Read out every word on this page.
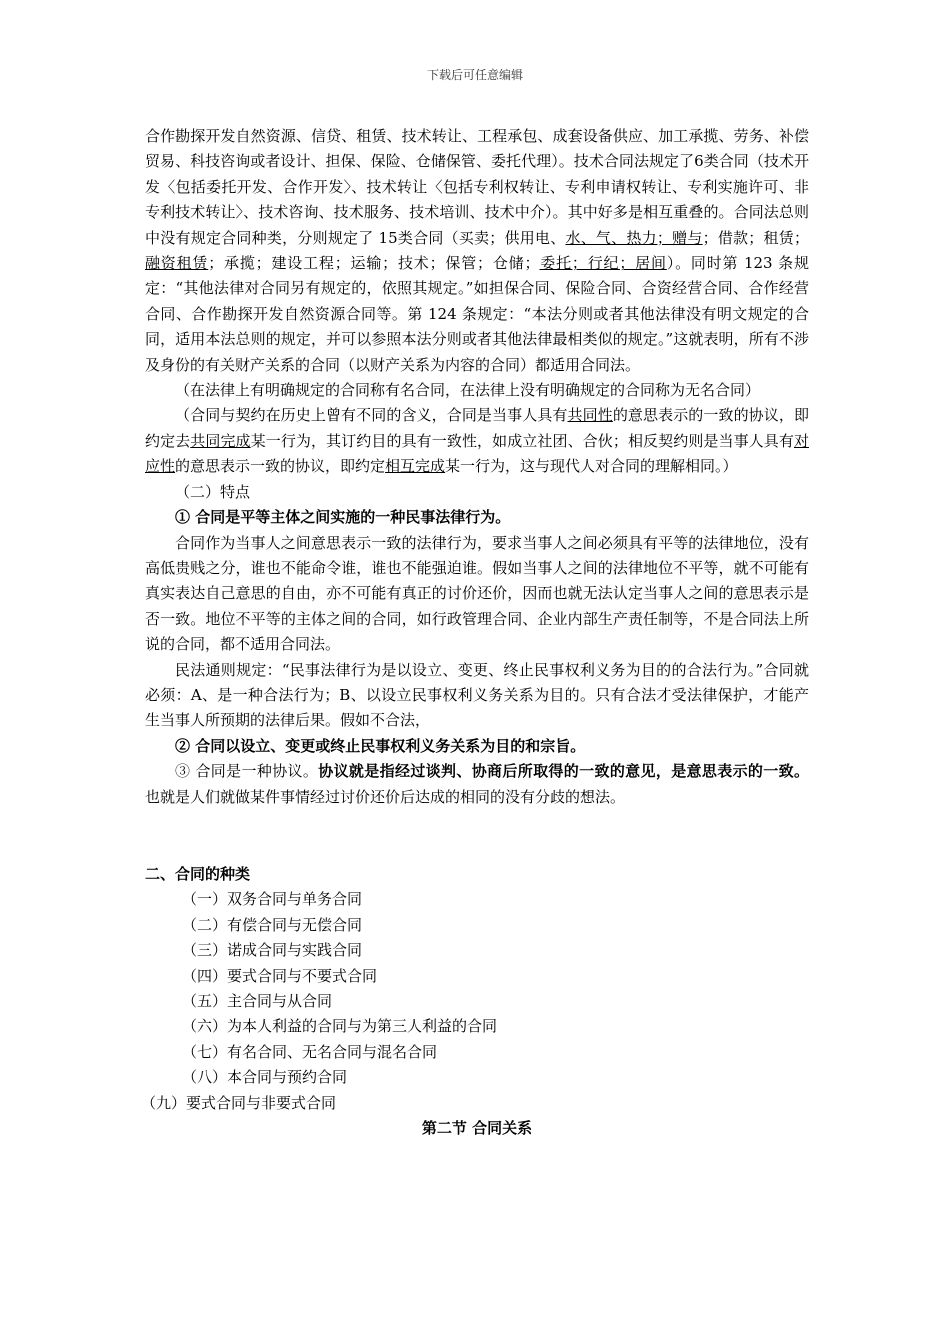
下载后可任意编辑

合作勘探开发自然资源、信贷、租赁、技术转让、工程承包、成套设备供应、加工承揽、劳务、补偿贸易、科技咨询或者设计、担保、保险、仓储保管、委托代理）。技术合同法规定了6类合同（技术开发〈包括委托开发、合作开发〉、技术转让〈包括专利权转让、专利申请权转让、专利实施许可、非专利技术转让〉、技术咨询、技术服务、技术培训、技术中介）。其中好多是相互重叠的。合同法总则中没有规定合同种类，分则规定了 15类合同（买卖；供用电、水、气、热力；赠与；借款；租赁；融资租赁；承揽；建设工程；运输；技术；保管；仓储；委托；行纪；居间）。同时第 123 条规定：“其他法律对合同另有规定的，依照其规定。”如担保合同、保险合同、合资经营合同、合作经营合同、合作勘探开发自然资源合同等。第 124 条规定：“本法分则或者其他法律没有明文规定的合同，适用本法总则的规定，并可以参照本法分则或者其他法律最相类似的规定。”这就表明，所有不涉及身份的有关财产关系的合同（以财产关系为内容的合同）都适用合同法。

（在法律上有明确规定的合同称有名合同，在法律上没有明确规定的合同称为无名合同）

（合同与契约在历史上曾有不同的含义，合同是当事人具有共同性的意思表示的一致的协议，即约定去共同完成某一行为，其订约目的具有一致性，如成立社团、合伙；相反契约则是当事人具有对应性的意思表示一致的协议，即约定相互完成某一行为，这与现代人对合同的理解相同。）

（二）特点

① 合同是平等主体之间实施的一种民事法律行为。

合同作为当事人之间意思表示一致的法律行为，要求当事人之间必须具有平等的法律地位，没有高低贵贱之分，谁也不能命令谁，谁也不能强迫谁。假如当事人之间的法律地位不平等，就不可能有真实表达自己意思的自由，亦不可能有真正的讨价还价，因而也就无法认定当事人之间的意思表示是否一致。地位不平等的主体之间的合同，如行政管理合同、企业内部生产责任制等，不是合同法上所说的合同，都不适用合同法。

民法通则规定：“民事法律行为是以设立、变更、终止民事权利义务为目的的合法行为。”合同就必须：A、是一种合法行为；B、以设立民事权利义务关系为目的。只有合法才受法律保护，才能产生当事人所预期的法律后果。假如不合法，

② 合同以设立、变更或终止民事权利义务关系为目的和宗旨。

③ 合同是一种协议。协议就是指经过谈判、协商后所取得的一致的意见，是意思表示的一致。也就是人们就做某件事情经过讨价还价后达成的相同的没有分歧的想法。

二、合同的种类

（一）双务合同与单务合同
（二）有偿合同与无偿合同
（三）诺成合同与实践合同
（四）要式合同与不要式合同
（五）主合同与从合同
（六）为本人利益的合同与为第三人利益的合同
（七）有名合同、无名合同与混名合同
（八）本合同与预约合同
（九）要式合同与非要式合同

第二节 合同关系
